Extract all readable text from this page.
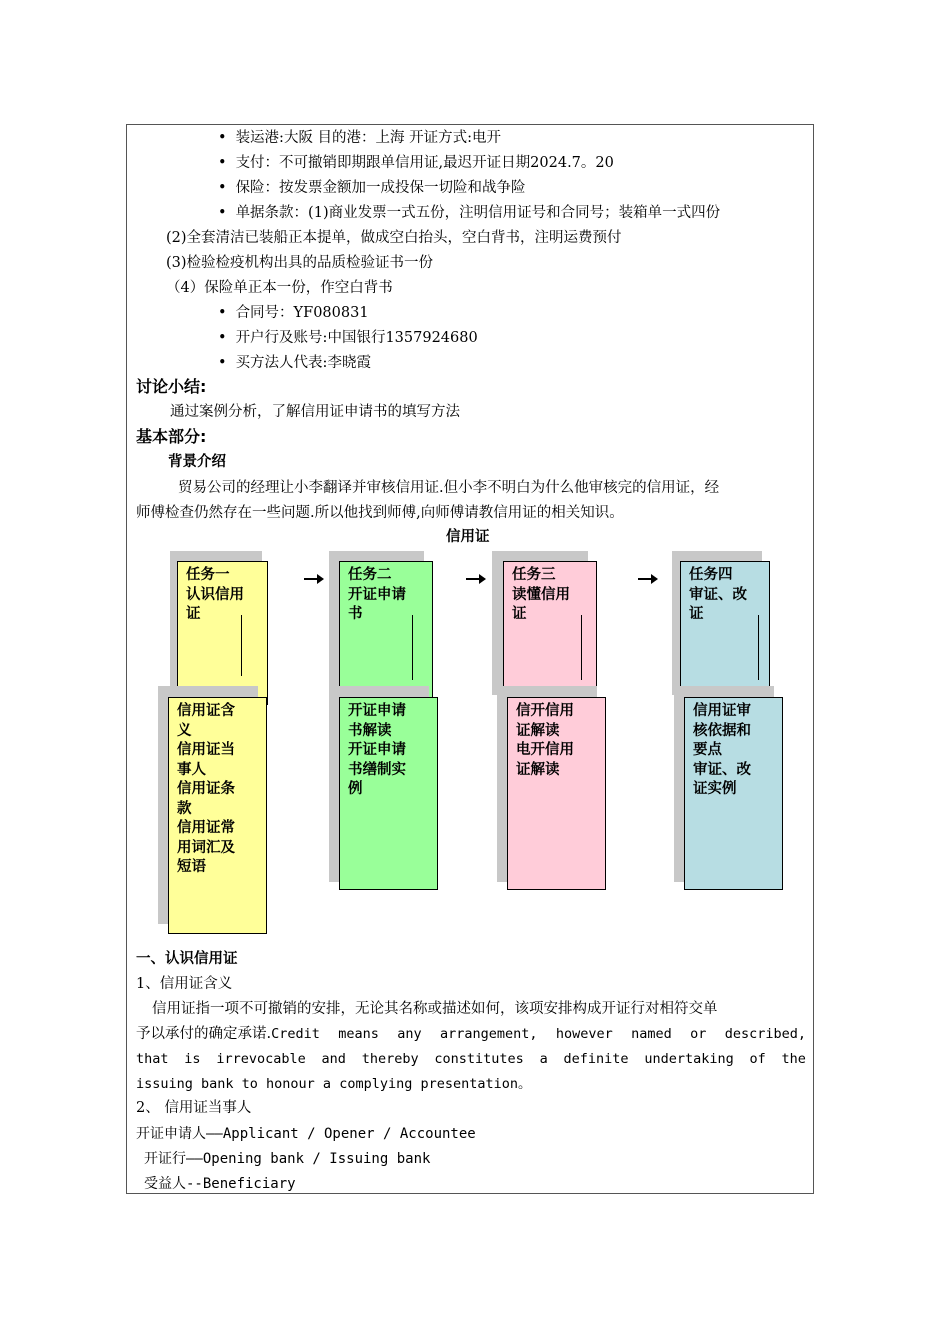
• 装运港:大阪 目的港：上海 开证方式:电开
• 支付：不可撤销即期跟单信用证,最迟开证日期2024.7。20
• 保险：按发票金额加一成投保一切险和战争险
• 单据条款：(1)商业发票一式五份，注明信用证号和合同号；装箱单一式四份
(2)全套清洁已装船正本提单，做成空白抬头，空白背书，注明运费预付
(3)检验检疫机构出具的品质检验证书一份
（4）保险单正本一份，作空白背书
• 合同号：YF080831
• 开户行及账号:中国银行1357924680
• 买方法人代表:李晓霞
讨论小结:
通过案例分析，了解信用证申请书的填写方法
基本部分:
背景介绍
贸易公司的经理让小李翻译并审核信用证.但小李不明白为什么他审核完的信用证，经
师傅检查仍然存在一些问题.所以他找到师傅,向师傅请教信用证的相关知识。
信用证
任务一
认识信用
证
信用证含
义
信用证当
事人
信用证条
款
信用证常
用词汇及
短语
任务二
开证申请
书
开证申请
书解读
开证申请
书缮制实
例
任务三
读懂信用
证
信开信用
证解读
电开信用
证解读
任务四
审证、改
证
信用证审
核依据和
要点
审证、改
证实例
一、认识信用证
1、信用证含义
信用证指一项不可撤销的安排，无论其名称或描述如何，该项安排构成开证行对相符交单
予以承付的确定承诺. Credit means any arrangement, however named or described,
that is irrevocable and thereby constitutes a definite undertaking of the
issuing bank to honour a complying presentation。
2、 信用证当事人
开证申请人——Applicant / Opener / Accountee
开证行——Opening bank / Issuing bank
受益人--Beneficiary
